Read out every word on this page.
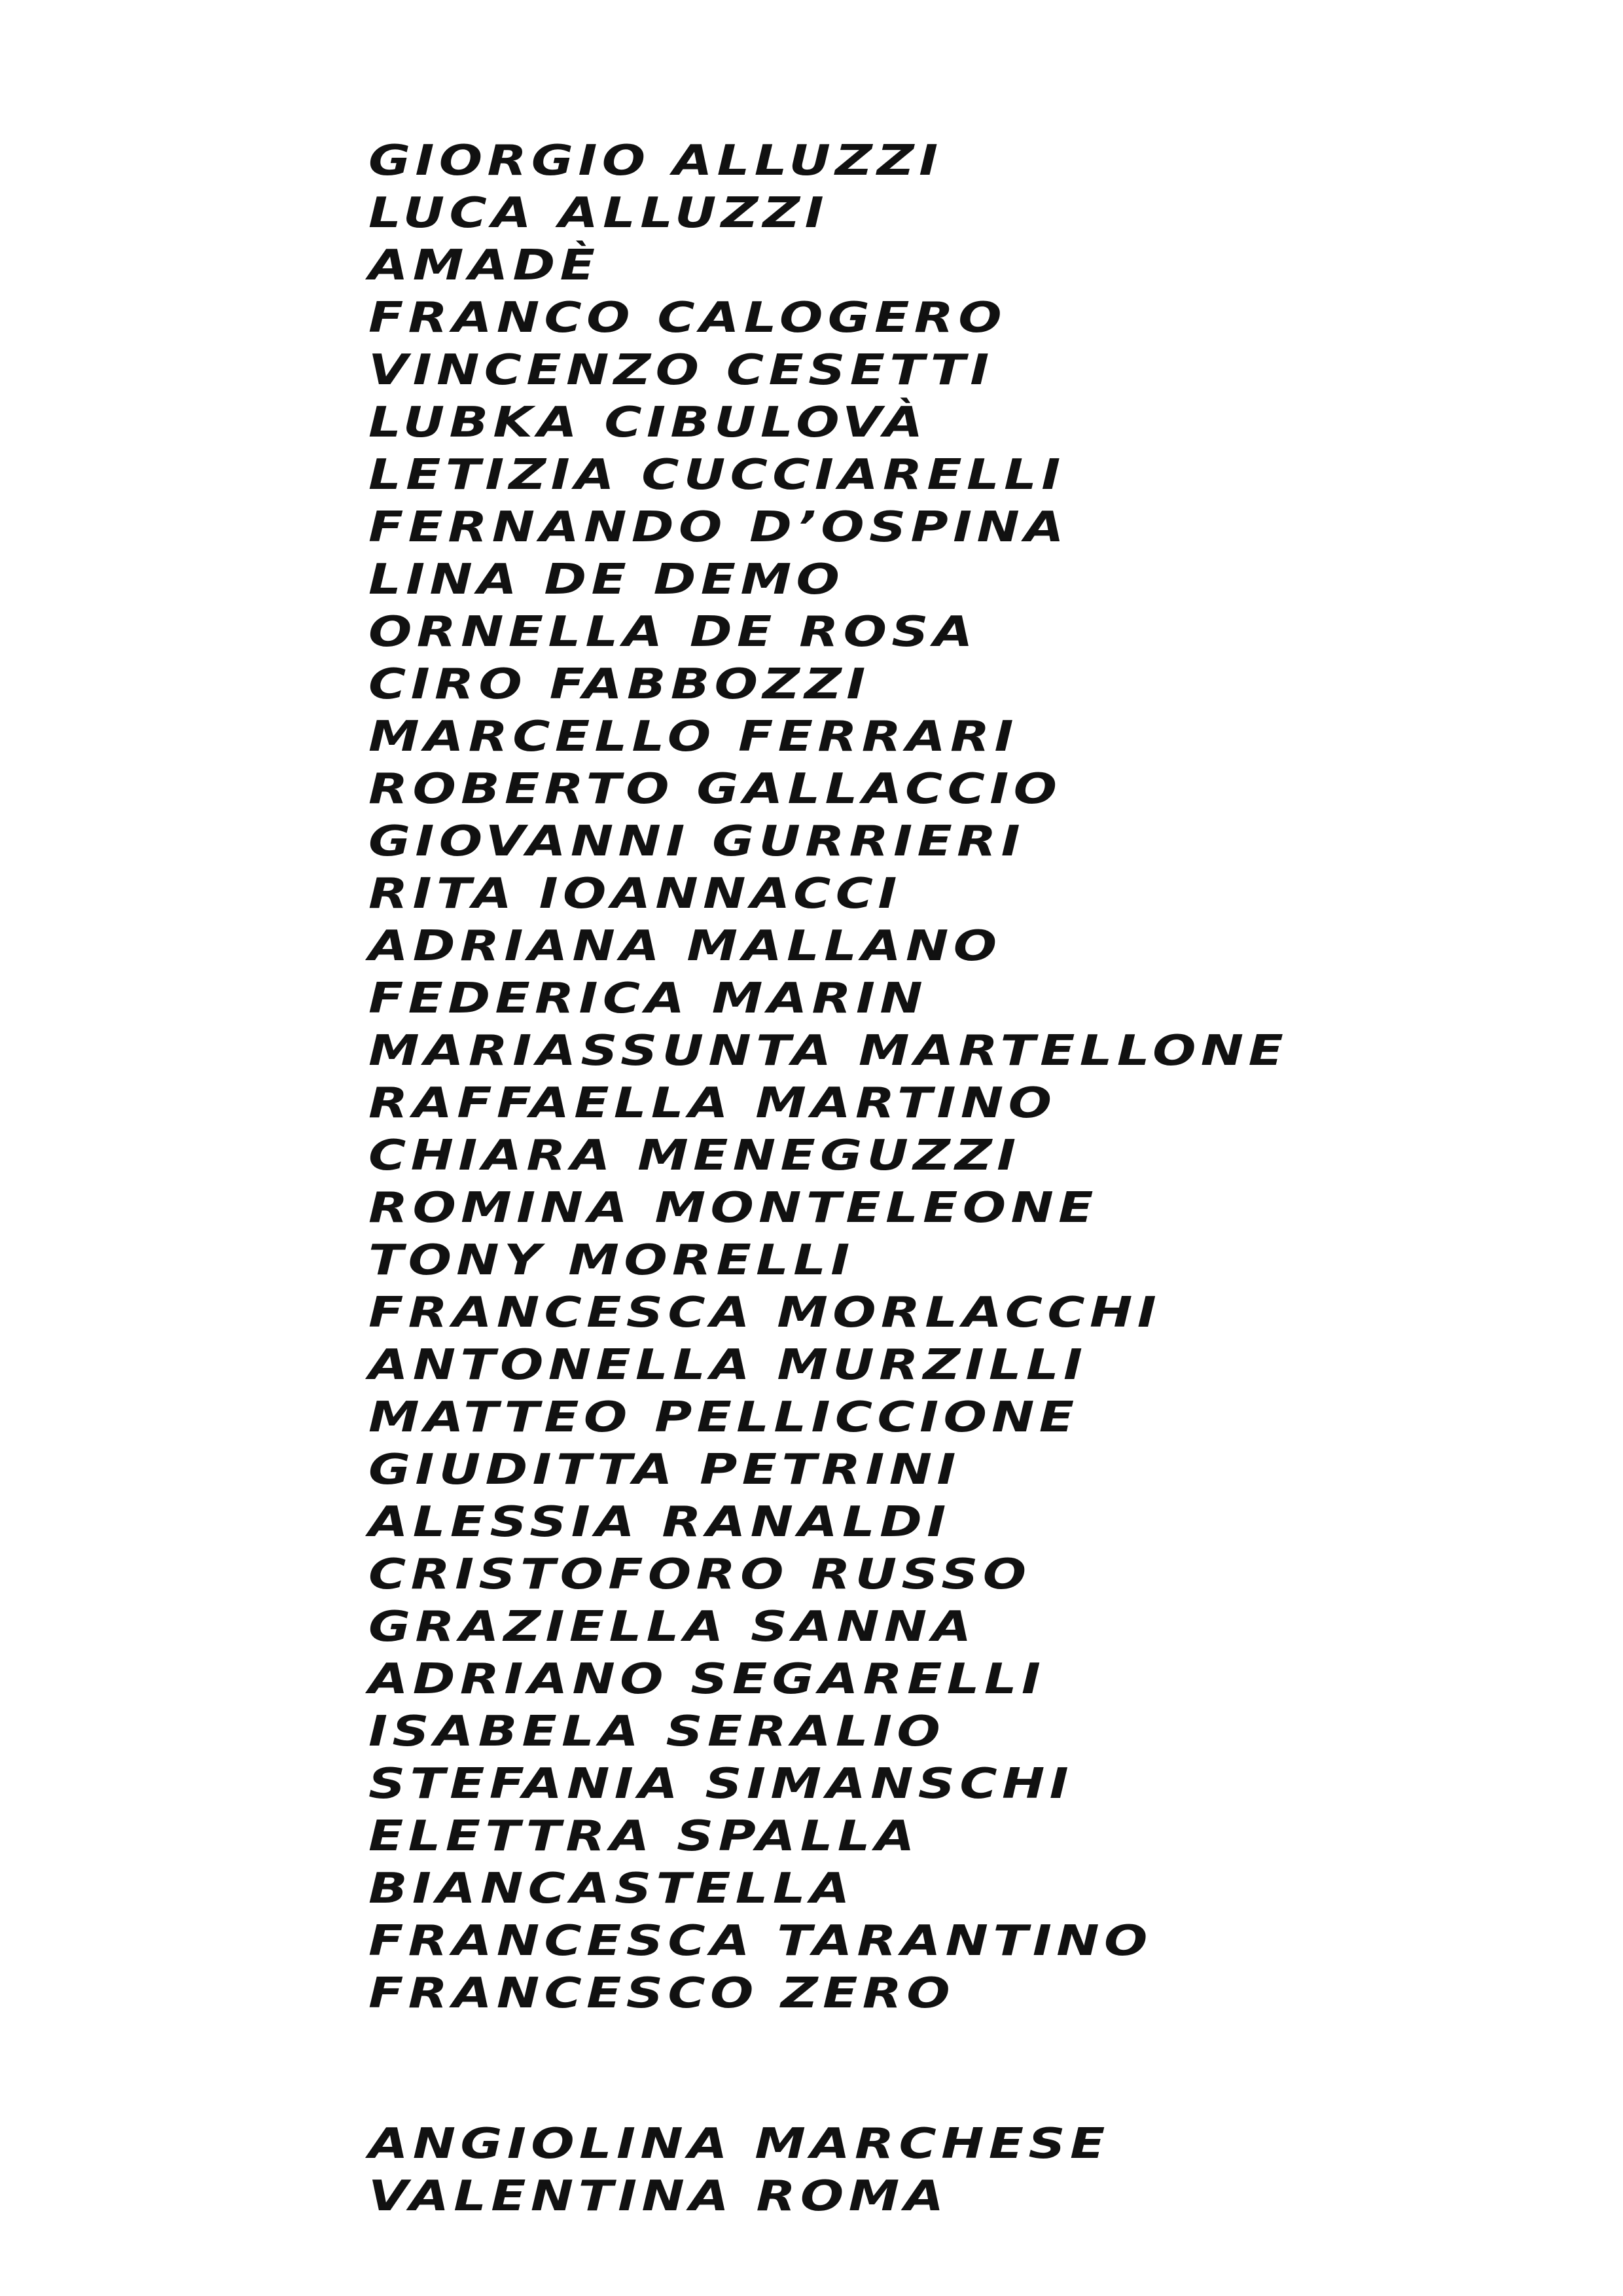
GIORGIO ALLUZZI
LUCA ALLUZZI
AMADÈ
FRANCO CALOGERO
VINCENZO CESETTI
LUBKA CIBULOVÀ
LETIZIA CUCCIARELLI
FERNANDO D’OSPINA
LINA DE DEMO
ORNELLA DE ROSA
CIRO FABBOZZI
MARCELLO FERRARI
ROBERTO GALLACCIO
GIOVANNI GURRIERI
RITA IOANNACCI
ADRIANA MALLANO
FEDERICA MARIN
MARIASSUNTA MARTELLONE
RAFFAELLA MARTINO
CHIARA MENEGUZZI
ROMINA MONTELEONE
TONY MORELLI
FRANCESCA MORLACCHI
ANTONELLA MURZILLI
MATTEO PELLICCIONE
GIUDITTA PETRINI
ALESSIA RANALDI
CRISTOFORO RUSSO
GRAZIELLA SANNA
ADRIANO SEGARELLI
ISABELA SERALIO
STEFANIA SIMANSCHI
ELETTRA SPALLA
BIANCASTELLA
FRANCESCA TARANTINO
FRANCESCO ZERO
ANGIOLINA MARCHESE
VALENTINA ROMA
